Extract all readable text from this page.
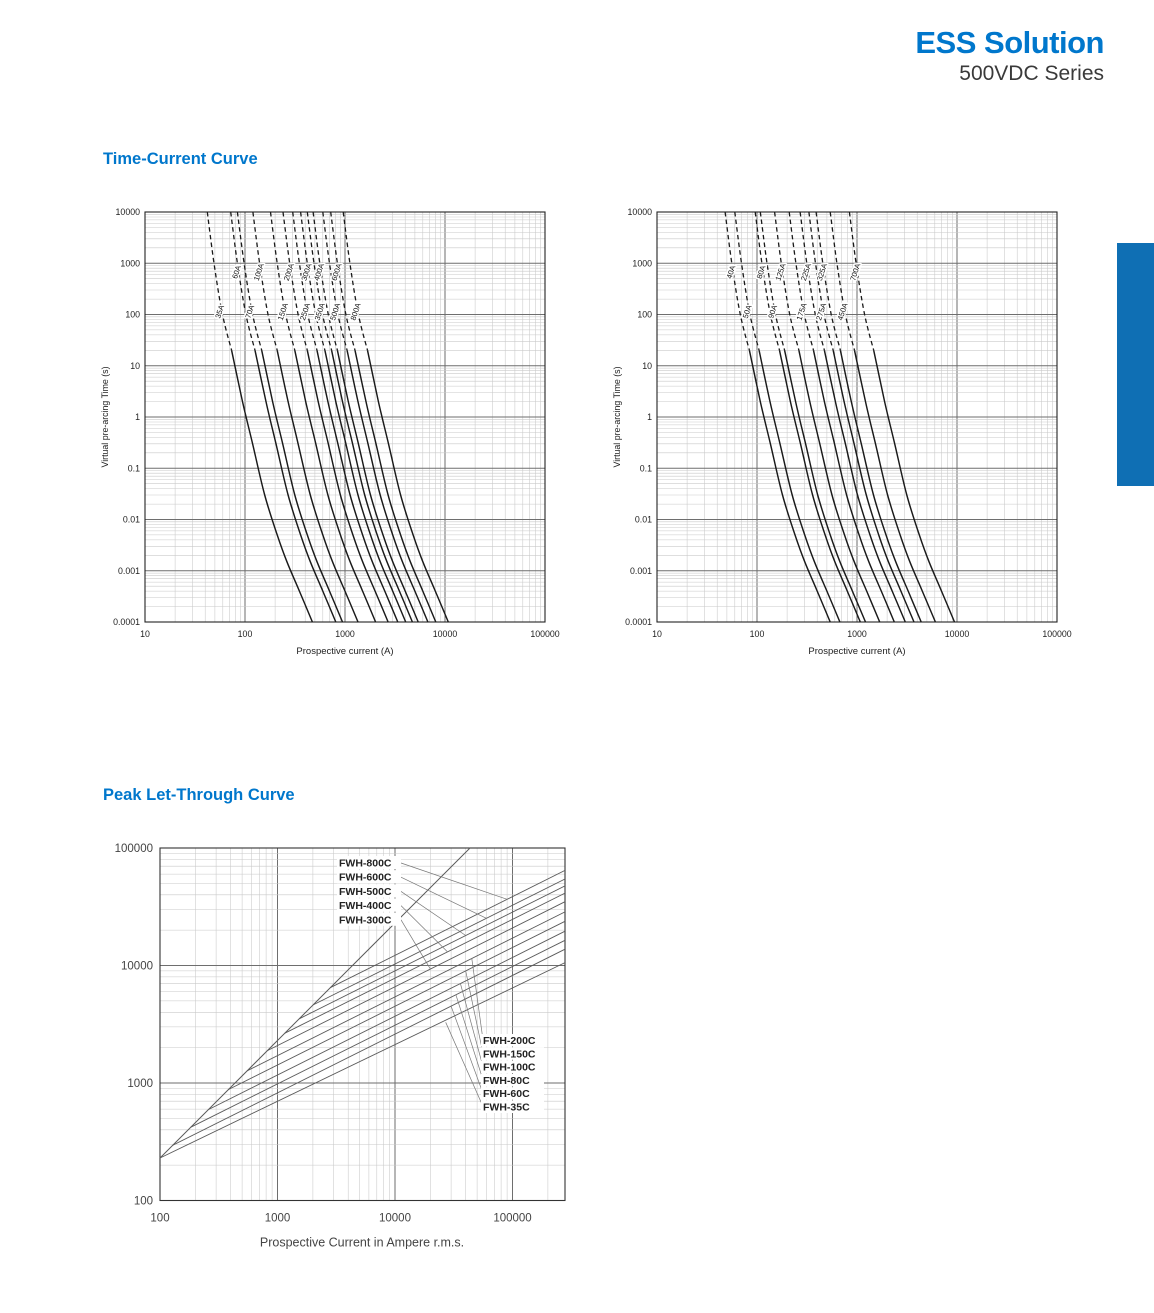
ESS Solution
500VDC Series
Time-Current Curve
Peak Let-Through Curve
35A
60A
70A
100A
150A
200A
250A
300A
350A
400A
500A
600A
800A
10000
1000
100
10
1
0.1
0.01
0.001
0.0001
10	100	1000	10000	100000
Prospective current (A)
Virtual pre-arcing Time (s)
40A
50A
80A
90A
125A
175A
225A
275A
325A
450A
700A
10000
1000
100
10
1
0.1
0.01
0.001
0.0001
10	100	1000	10000	100000
Prospective current (A)
Virtual pre-arcing Time (s)
FWH-800C
FWH-600C
FWH-500C
FWH-400C
FWH-300C
FWH-200C
FWH-150C
FWH-100C
FWH-80C
FWH-60C
FWH-35C
100000
10000
1000
100
100	1000	10000	100000
Prospective Current in Ampere r.m.s.
